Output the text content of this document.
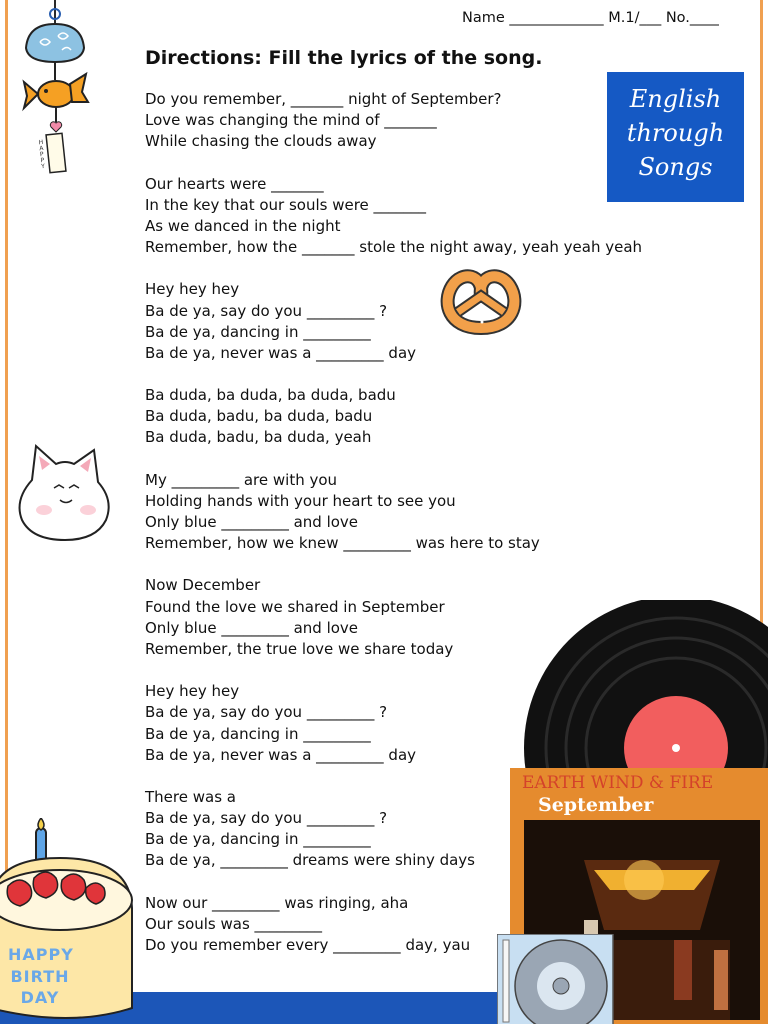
Name _____________ M.1/___ No.____
Directions: Fill the lyrics of the song.
English
through
Songs
Do you remember, _______ night of September?
Love was changing the mind of _______
While chasing the clouds away
Our hearts were _______
In the key that our souls were _______
As we danced in the night
Remember, how the _______ stole the night away, yeah yeah yeah
Hey hey hey
Ba de ya, say do you _________ ?
Ba de ya, dancing in _________
Ba de ya, never was a _________ day
Ba duda, ba duda, ba duda, badu
Ba duda, badu, ba duda, badu
Ba duda, badu, ba duda, yeah
My _________ are with you
Holding hands with your heart to see you
Only blue _________ and love
Remember, how we knew _________ was here to stay
Now December
Found the love we shared in September
Only blue _________ and love
Remember, the true love we share today
Hey hey hey
Ba de ya, say do you _________ ?
Ba de ya, dancing in _________
Ba de ya, never was a _________ day
There was a
Ba de ya, say do you _________ ?
Ba de ya, dancing in _________
Ba de ya, _________ dreams were shiny days
Now our _________ was ringing, aha
Our souls was _________
Do you remember every _________ day, yau
HAPPY
EARTH WIND & FIRE
September
HAPPY
BIRTH
DAY
